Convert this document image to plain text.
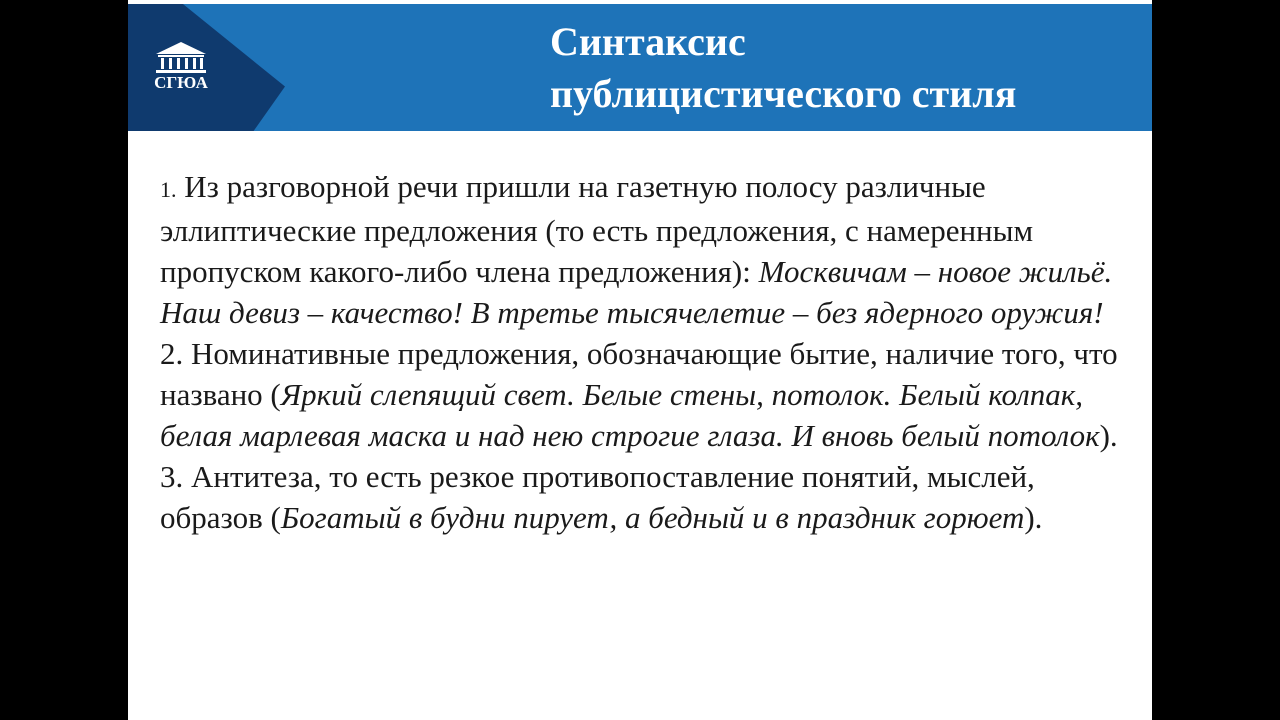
СГЮА
Синтаксис
публицистического стиля

1. Из разговорной речи пришли на газетную полосу различные эллиптические предложения (то есть предложения, с намеренным пропуском какого-либо члена предложения): Москвичам – новое жильё. Наш девиз – качество! В третье тысячелетие – без ядерного оружия!

2. Номинативные предложения, обозначающие бытие, наличие того, что названо (Яркий слепящий свет. Белые стены, потолок. Белый колпак, белая марлевая маска и над нею строгие глаза. И вновь белый потолок).

3. Антитеза, то есть резкое противопоставление понятий, мыслей, образов (Богатый в будни пирует, а бедный и в праздник горюет).
